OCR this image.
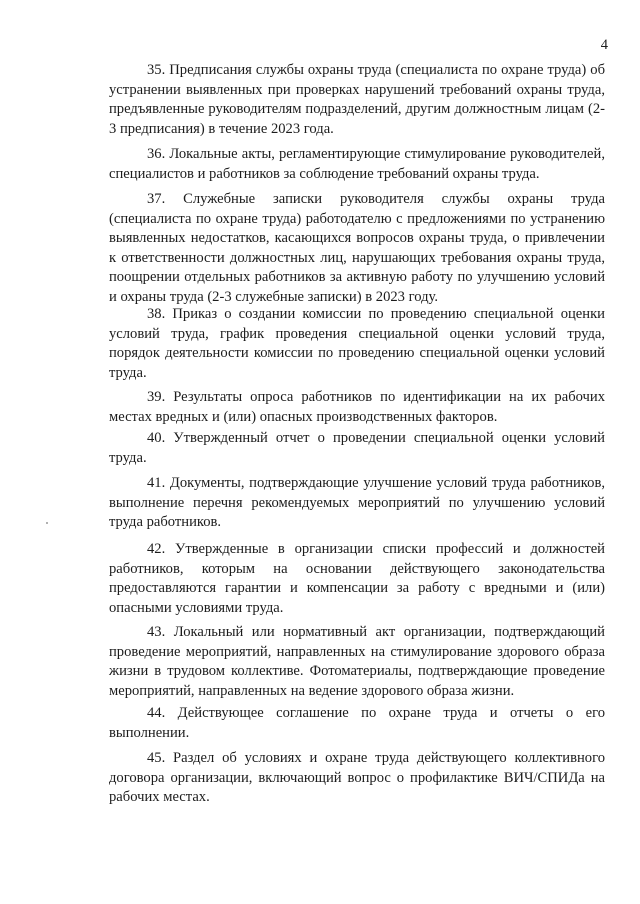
4

35. Предписания службы охраны труда (специалиста по охране труда) об устранении выявленных при проверках нарушений требований охраны труда, предъявленные руководителям подразделений, другим должностным лицам (2-3 предписания) в течение 2023 года.

36. Локальные акты, регламентирующие стимулирование руководителей, специалистов и работников за соблюдение требований охраны труда.

37. Служебные записки руководителя службы охраны труда (специалиста по охране труда) работодателю с предложениями по устранению выявленных недостатков, касающихся вопросов охраны труда, о привлечении к ответственности должностных лиц, нарушающих требования охраны труда, поощрении отдельных работников за активную работу по улучшению условий и охраны труда (2-3 служебные записки) в 2023 году.

38. Приказ о создании комиссии по проведению специальной оценки условий труда, график проведения специальной оценки условий труда, порядок деятельности комиссии по проведению специальной оценки условий труда.

39. Результаты опроса работников по идентификации на их рабочих местах вредных и (или) опасных производственных факторов.

40. Утвержденный отчет о проведении специальной оценки условий труда.

41. Документы, подтверждающие улучшение условий труда работников, выполнение перечня рекомендуемых мероприятий по улучшению условий труда работников.

42. Утвержденные в организации списки профессий и должностей работников, которым на основании действующего законодательства предоставляются гарантии и компенсации за работу с вредными и (или) опасными условиями труда.

43. Локальный или нормативный акт организации, подтверждающий проведение мероприятий, направленных на стимулирование здорового образа жизни в трудовом коллективе. Фотоматериалы, подтверждающие проведение мероприятий, направленных на ведение здорового образа жизни.

44. Действующее соглашение по охране труда и отчеты о его выполнении.

45. Раздел об условиях и охране труда действующего коллективного договора организации, включающий вопрос о профилактике ВИЧ/СПИДа на рабочих местах.
